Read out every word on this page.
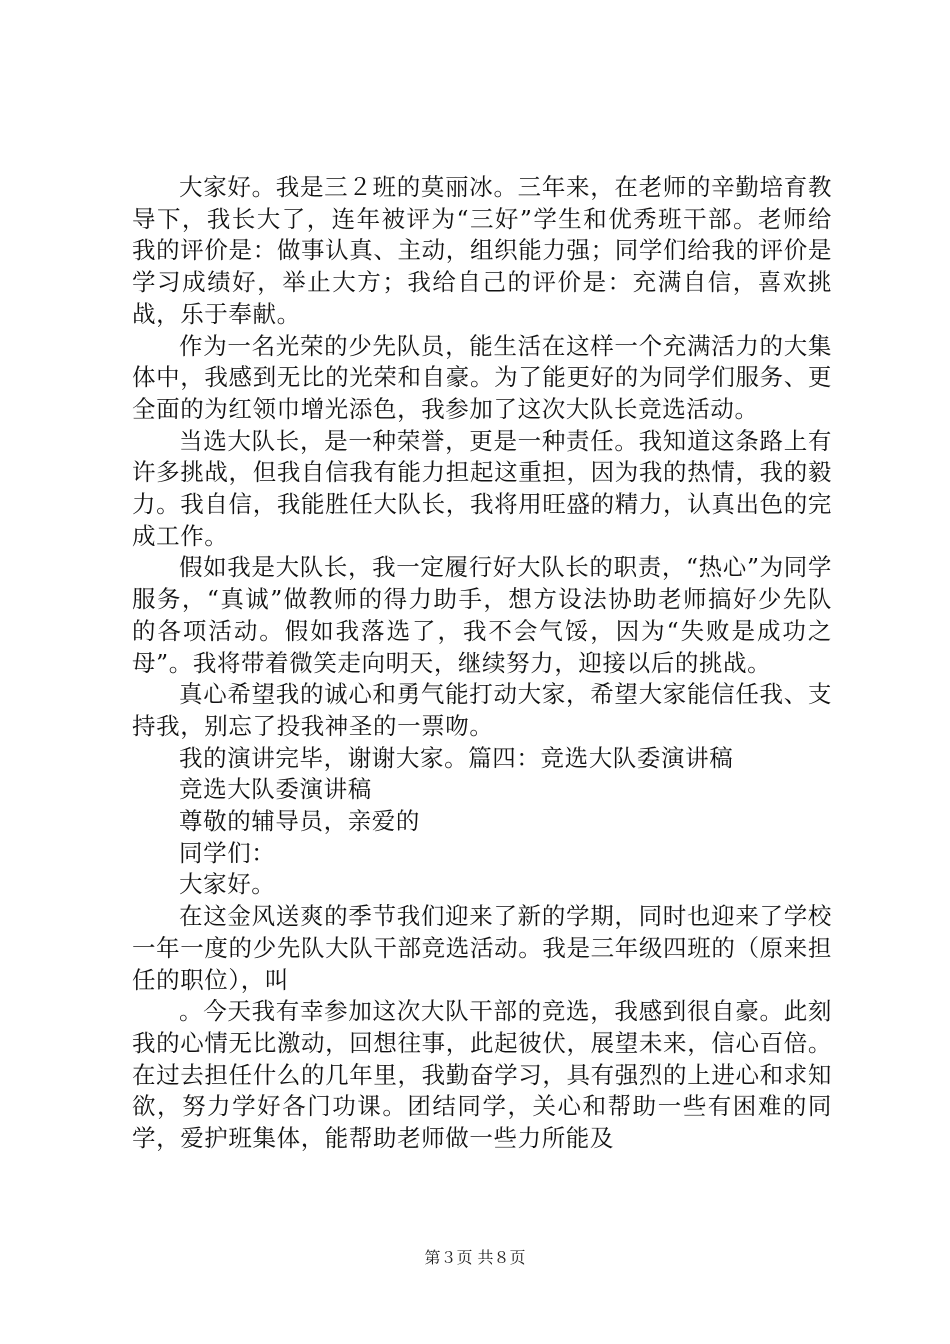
大家好。我是三２班的莫丽冰。三年来，在老师的辛勤培育教导下，我长大了，连年被评为“三好”学生和优秀班干部。老师给我的评价是：做事认真、主动，组织能力强；同学们给我的评价是学习成绩好，举止大方；我给自己的评价是：充满自信，喜欢挑战，乐于奉献。

作为一名光荣的少先队员，能生活在这样一个充满活力的大集体中，我感到无比的光荣和自豪。为了能更好的为同学们服务、更全面的为红领巾增光添色，我参加了这次大队长竞选活动。

当选大队长，是一种荣誉，更是一种责任。我知道这条路上有许多挑战，但我自信我有能力担起这重担，因为我的热情，我的毅力。我自信，我能胜任大队长，我将用旺盛的精力，认真出色的完成工作。

假如我是大队长，我一定履行好大队长的职责，“热心”为同学服务，“真诚”做教师的得力助手，想方设法协助老师搞好少先队的各项活动。假如我落选了，我不会气馁，因为“失败是成功之母”。我将带着微笑走向明天，继续努力，迎接以后的挑战。

真心希望我的诚心和勇气能打动大家，希望大家能信任我、支持我，别忘了投我神圣的一票吻。

我的演讲完毕，谢谢大家。篇四：竞选大队委演讲稿

竞选大队委演讲稿

尊敬的辅导员，亲爱的

同学们：

大家好。

在这金风送爽的季节我们迎来了新的学期，同时也迎来了学校一年一度的少先队大队干部竞选活动。我是三年级四班的（原来担任的职位），叫

。今天我有幸参加这次大队干部的竞选，我感到很自豪。此刻我的心情无比激动，回想往事，此起彼伏，展望未来，信心百倍。在过去担任什么的几年里，我勤奋学习，具有强烈的上进心和求知欲，努力学好各门功课。团结同学，关心和帮助一些有困难的同学，爱护班集体，能帮助老师做一些力所能及

第３页 共８页
